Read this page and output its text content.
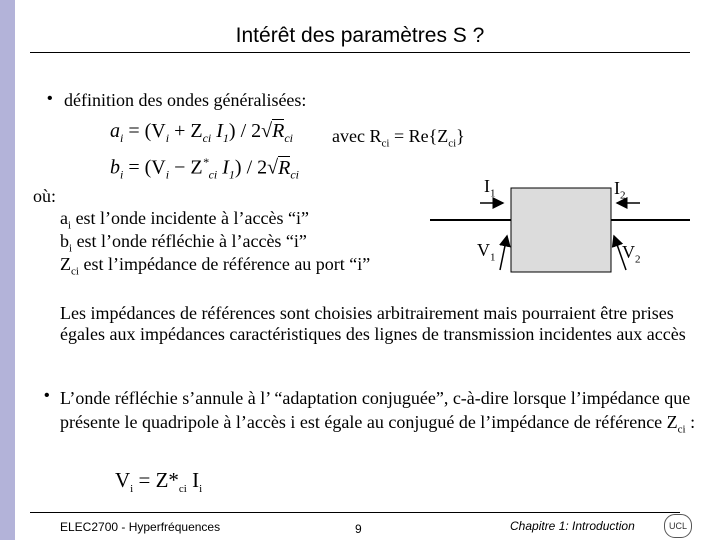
Intérêt des paramètres S ?
• définition des ondes généralisées:
$a_i = (V_i + Z_{ci}$ $I_1) / 2√R_{ci}$
$b_i = (V_i - Z^*_{ci}$ $I_1) / 2√R_{ci}$
avec $R_{ci} = Re\{Z_{ci}\}$
où:
$a_i$ est l’onde incidente à l’accès “i”
$b_i$ est l’onde réfléchie à l’accès “i”
$Z_{ci}$ est l’impédance de référence au port “i”
$I_1$	$I_2$
$V_1$	$V_2$
Les impédances de références sont choisies arbitrairement mais pourraient être prises égales aux impédances caractéristiques des lignes de transmission incidentes aux accès
• L’onde réfléchie s’annule à l’ “adaptation conjuguée”, c-à-dire lorsque l’impédance que présente le quadripole à l’accès i est égale au conjugué de l’impédance de référence $Z_{ci}$ :
$V_i = Z*_{ci}$ $I_i$
ELEC2700 - Hyperfréquences	9	Chapitre 1: Introduction	UCL
